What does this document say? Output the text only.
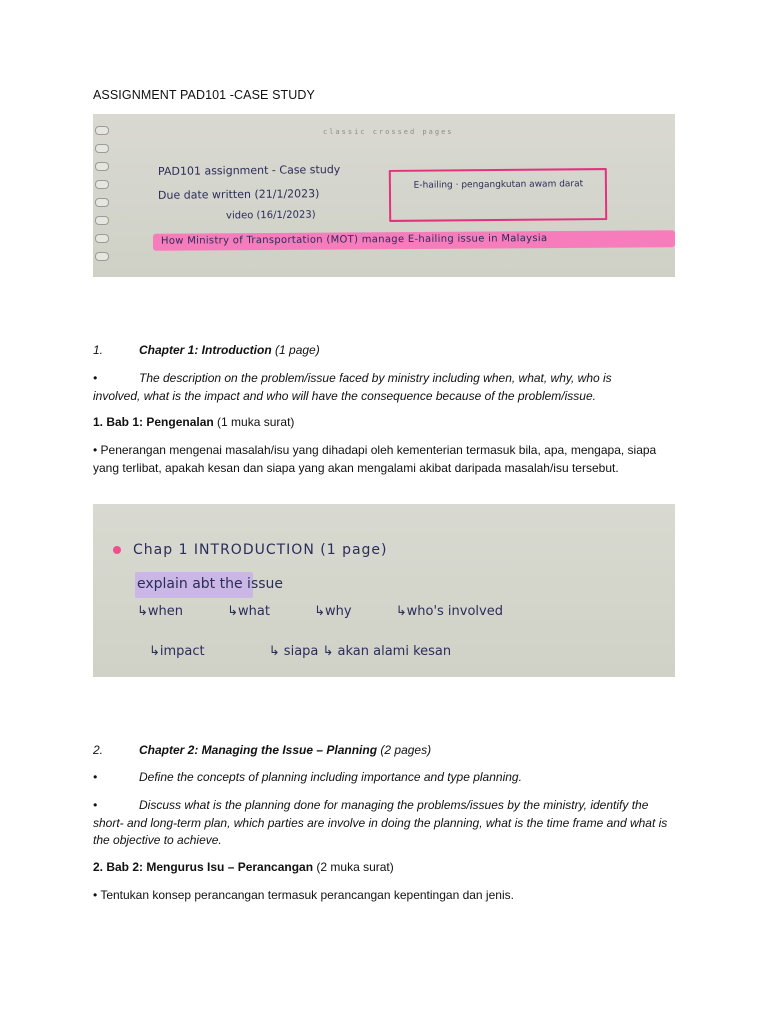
ASSIGNMENT PAD101 -CASE STUDY
classic crossed pages
PAD101 assignment - Case study
Due date written (21/1/2023)
video (16/1/2023)
E-hailing · pengangkutan awam darat
How Ministry of Transportation (MOT) manage E-hailing issue in Malaysia
1.	Chapter 1: Introduction (1 page)
•	The description on the problem/issue faced by ministry including when, what, why, who is
involved, what is the impact and who will have the consequence because of the problem/issue.
1. Bab 1: Pengenalan (1 muka surat)
• Penerangan mengenai masalah/isu yang dihadapi oleh kementerian termasuk bila, apa, mengapa, siapa yang terlibat, apakah kesan dan siapa yang akan mengalami akibat daripada masalah/isu tersebut.
Chap 1 INTRODUCTION (1 page)
explain abt the issue
↳when	↳what	↳why	↳who's involved
↳impact	↳ siapa ↳ akan alami kesan
2.	Chapter 2: Managing the Issue – Planning (2 pages)
•	Define the concepts of planning including importance and type planning.
•	Discuss what is the planning done for managing the problems/issues by the ministry, identify the short- and long-term plan, which parties are involve in doing the planning, what is the time frame and what is the objective to achieve.
2. Bab 2: Mengurus Isu – Perancangan (2 muka surat)
• Tentukan konsep perancangan termasuk perancangan kepentingan dan jenis.
